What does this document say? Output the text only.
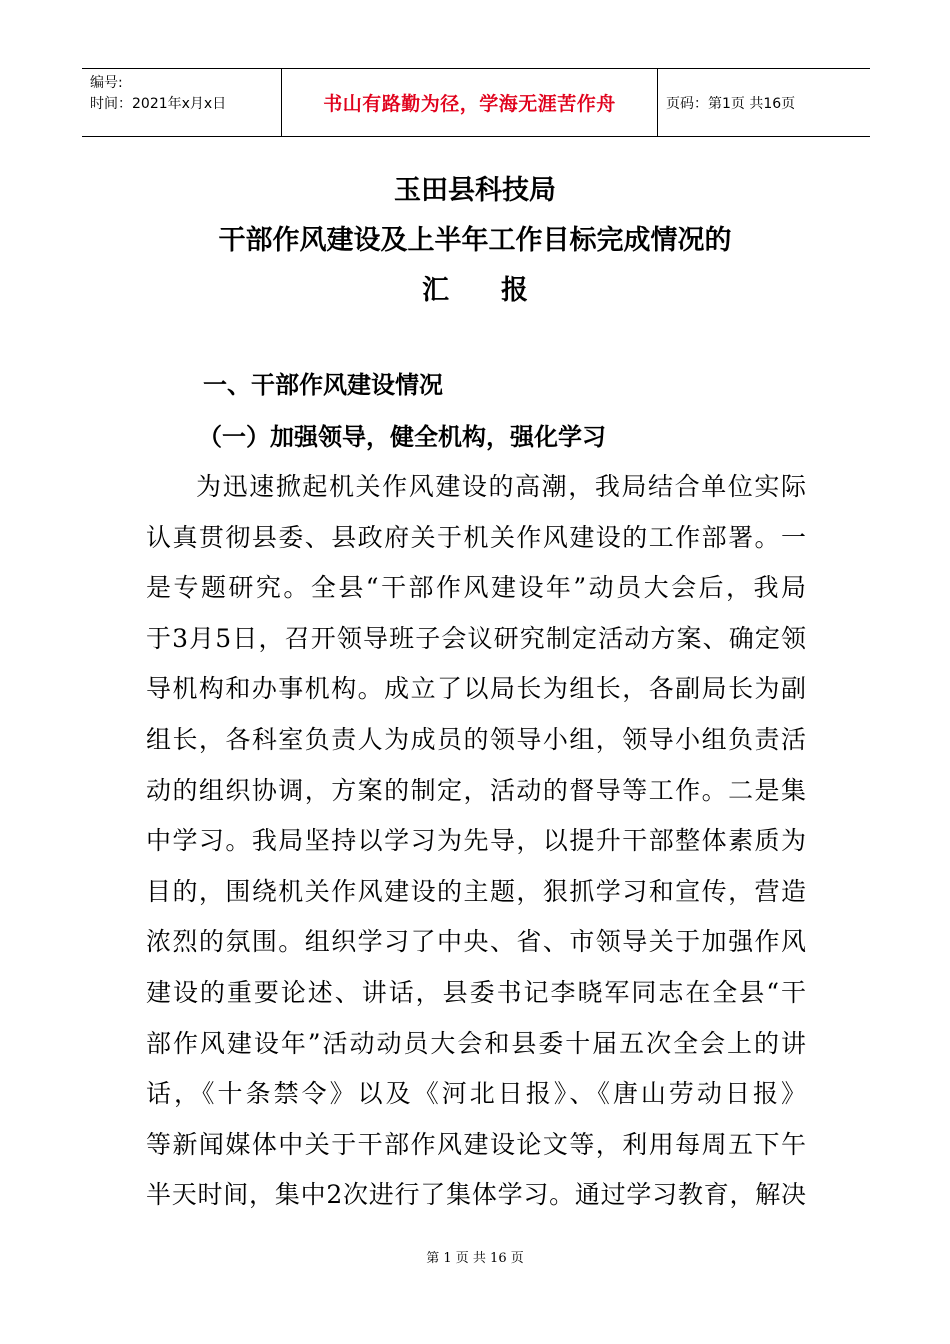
编号:
时间：2021年x月x日	书山有路勤为径，学海无涯苦作舟	页码：第1页 共16页
玉田县科技局
干部作风建设及上半年工作目标完成情况的
汇报
一、干部作风建设情况
（一）加强领导，健全机构，强化学习
为迅速掀起机关作风建设的高潮，我局结合单位实际
认真贯彻县委、县政府关于机关作风建设的工作部署。一
是专题研究。全县“干部作风建设年”动员大会后，我局
于3月5日，召开领导班子会议研究制定活动方案、确定领
导机构和办事机构。成立了以局长为组长，各副局长为副
组长，各科室负责人为成员的领导小组，领导小组负责活
动的组织协调，方案的制定，活动的督导等工作。二是集
中学习。我局坚持以学习为先导，以提升干部整体素质为
目的，围绕机关作风建设的主题，狠抓学习和宣传，营造
浓烈的氛围。组织学习了中央、省、市领导关于加强作风
建设的重要论述、讲话，县委书记李晓军同志在全县“干
部作风建设年”活动动员大会和县委十届五次全会上的讲
话，《十条禁令》以及《河北日报》、《唐山劳动日报》
等新闻媒体中关于干部作风建设论文等，利用每周五下午
半天时间，集中2次进行了集体学习。通过学习教育，解决
第 1 页 共 16 页
